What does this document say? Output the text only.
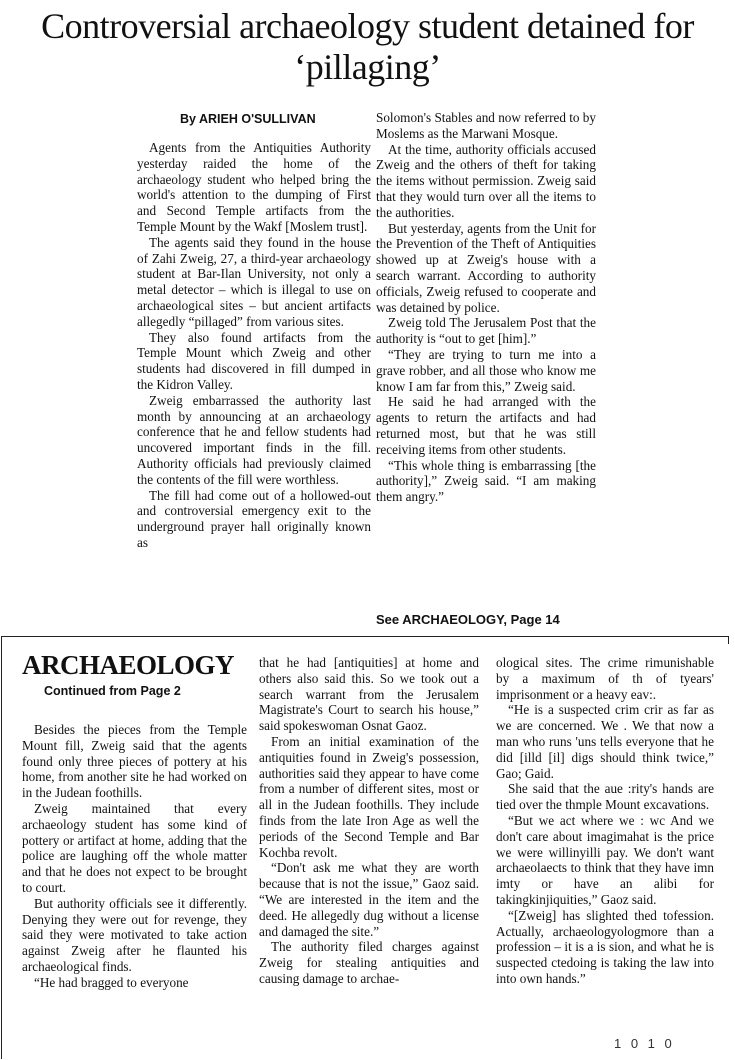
Controversial archaeology student detained for ‘pillaging’
By ARIEH O'SULLIVAN

Agents from the Antiquities Authority yesterday raided the home of the archaeology student who helped bring the world's attention to the dumping of First and Second Temple artifacts from the Temple Mount by the Wakf [Moslem trust].

The agents said they found in the house of Zahi Zweig, 27, a third-year archaeology student at Bar-Ilan University, not only a metal detector – which is illegal to use on archaeological sites – but ancient artifacts allegedly “pillaged” from various sites.

They also found artifacts from the Temple Mount which Zweig and other students had discovered in fill dumped in the Kidron Valley.

Zweig embarrassed the authority last month by announcing at an archaeology conference that he and fellow students had uncovered important finds in the fill. Authority officials had previously claimed the contents of the fill were worthless.

The fill had come out of a hollowed-out and controversial emergency exit to the underground prayer hall originally known as

Solomon's Stables and now referred to by Moslems as the Marwani Mosque.

At the time, authority officials accused Zweig and the others of theft for taking the items without permission. Zweig said that they would turn over all the items to the authorities.

But yesterday, agents from the Unit for the Prevention of the Theft of Antiquities showed up at Zweig's house with a search warrant. According to authority officials, Zweig refused to cooperate and was detained by police.

Zweig told The Jerusalem Post that the authority is “out to get [him].”

“They are trying to turn me into a grave robber, and all those who know me know I am far from this,” Zweig said.

He said he had arranged with the agents to return the artifacts and had returned most, but that he was still receiving items from other students.

“This whole thing is embarrassing [the authority],” Zweig said. “I am making them angry.”

See ARCHAEOLOGY, Page 14
ARCHAEOLOGY
Continued from Page 2

Besides the pieces from the Temple Mount fill, Zweig said that the agents found only three pieces of pottery at his home, from another site he had worked on in the Judean foothills.

Zweig maintained that every archaeology student has some kind of pottery or artifact at home, adding that the police are laughing off the whole matter and that he does not expect to be brought to court.

But authority officials see it differently. Denying they were out for revenge, they said they were motivated to take action against Zweig after he flaunted his archaeological finds.

“He had bragged to everyone

that he had [antiquities] at home and others also said this. So we took out a search warrant from the Jerusalem Magistrate's Court to search his house,” said spokeswoman Osnat Gaoz.

From an initial examination of the antiquities found in Zweig's possession, authorities said they appear to have come from a number of different sites, most or all in the Judean foothills. They include finds from the late Iron Age as well the periods of the Second Temple and Bar Kochba revolt.

“Don't ask me what they are worth because that is not the issue,” Gaoz said. “We are interested in the item and the deed. He allegedly dug without a license and damaged the site.”

The authority filed charges against Zweig for stealing antiquities and causing damage to archae-

ological sites. The crime rimunishable by a maximum of th of tyears' imprisonment or a heavy eav:.

“He is a suspected crim crir as far as we are concerned. We . We that now a man who runs 'uns tells everyone that he did [illd [il] digs should think twice,” Gao; Gaid.

She said that the aue :rity's hands are tied over the thmple Mount excavations.

“But we act where we : wc And we don't care about imagimahat is the price we were willinyilli pay. We don't want archaeolaects to think that they have imn imty or have an alibi for takingkinjiquities,” Gaoz said.

“[Zweig] has slighted thed tofession. Actually, archaeologyologmore than a profession – it is a is sion, and what he is suspected ctedoing is taking the law into into own hands.”

1 0 1 0
